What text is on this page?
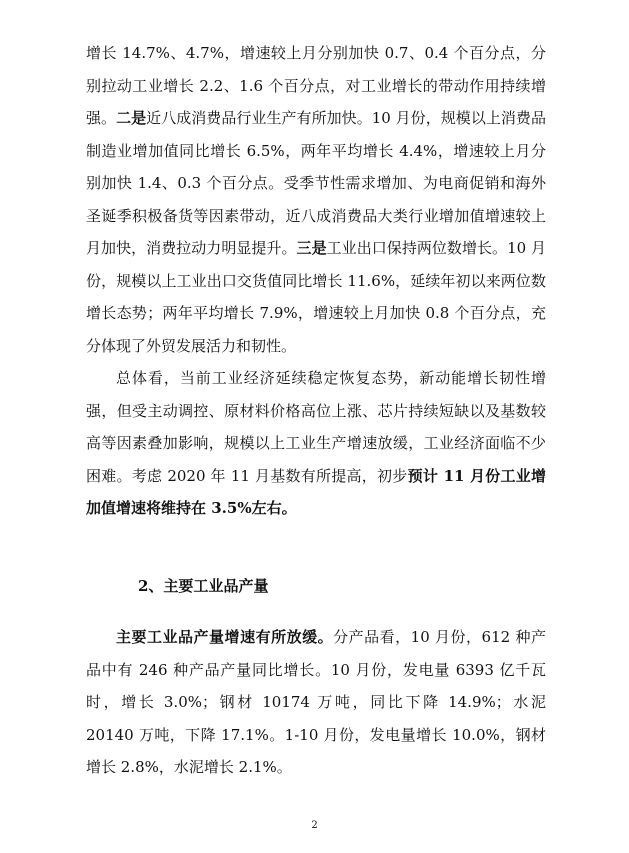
增长 14.7%、4.7%，增速较上月分别加快 0.7、0.4 个百分点，分别拉动工业增长 2.2、1.6 个百分点，对工业增长的带动作用持续增强。二是近八成消费品行业生产有所加快。10 月份，规模以上消费品制造业增加值同比增长 6.5%，两年平均增长 4.4%，增速较上月分别加快 1.4、0.3 个百分点。受季节性需求增加、为电商促销和海外圣诞季积极备货等因素带动，近八成消费品大类行业增加值增速较上月加快，消费拉动力明显提升。三是工业出口保持两位数增长。10 月份，规模以上工业出口交货值同比增长 11.6%，延续年初以来两位数增长态势；两年平均增长 7.9%，增速较上月加快 0.8 个百分点，充分体现了外贸发展活力和韧性。

总体看，当前工业经济延续稳定恢复态势，新动能增长韧性增强，但受主动调控、原材料价格高位上涨、芯片持续短缺以及基数较高等因素叠加影响，规模以上工业生产增速放缓，工业经济面临不少困难。考虑 2020 年 11 月基数有所提高，初步预计 11 月份工业增加值增速将维持在 3.5%左右。

2、主要工业品产量

主要工业品产量增速有所放缓。分产品看，10 月份，612 种产品中有 246 种产品产量同比增长。10 月份，发电量 6393 亿千瓦时，增长 3.0%；钢材 10174 万吨，同比下降 14.9%；水泥 20140 万吨，下降 17.1%。1-10 月份，发电量增长 10.0%，钢材增长 2.8%，水泥增长 2.1%。

2
